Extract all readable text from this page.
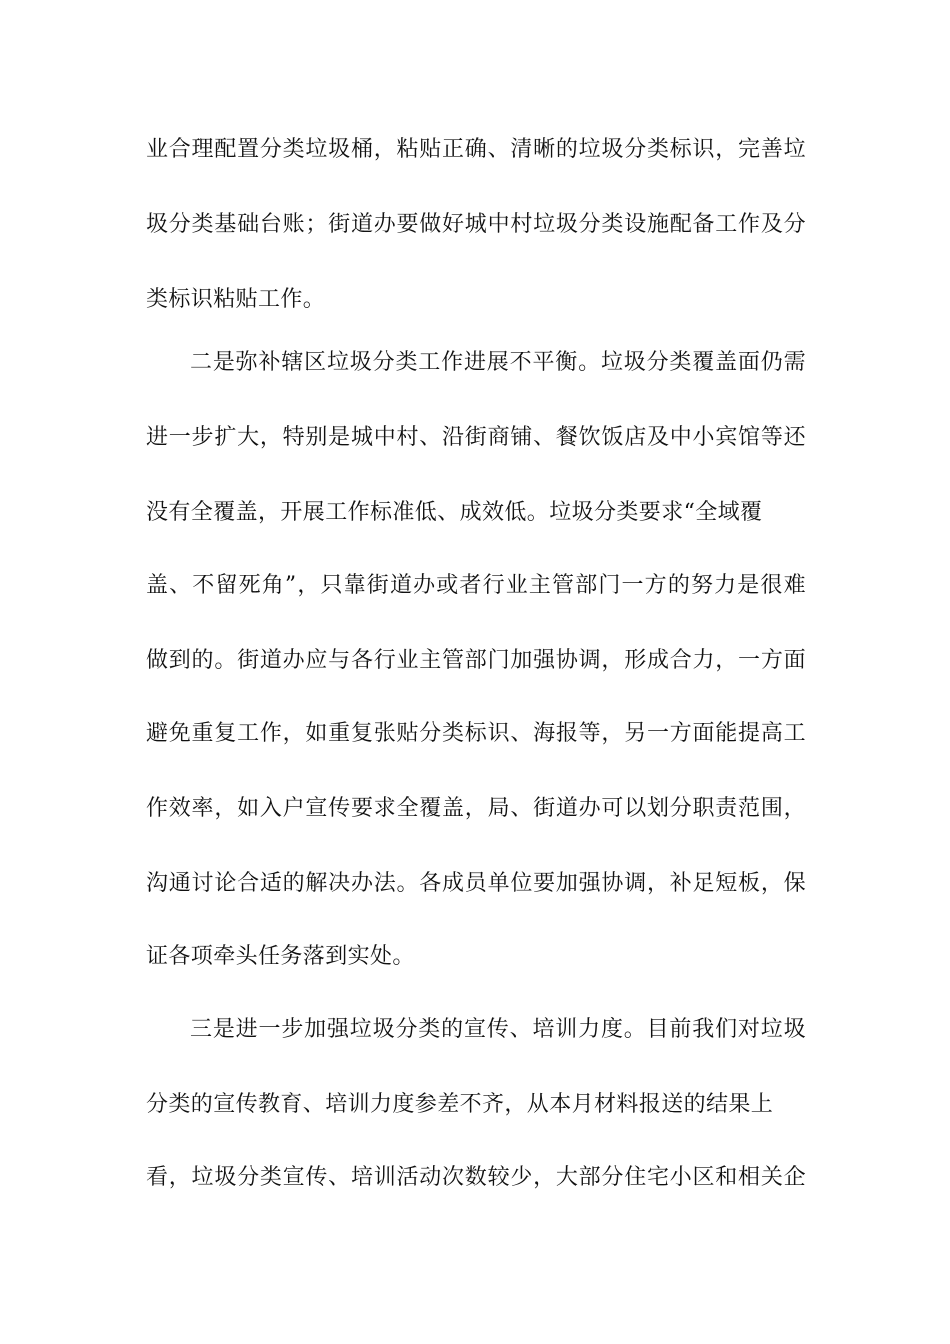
业合理配置分类垃圾桶，粘贴正确、清晰的垃圾分类标识，完善垃
圾分类基础台账；街道办要做好城中村垃圾分类设施配备工作及分
类标识粘贴工作。
二是弥补辖区垃圾分类工作进展不平衡。垃圾分类覆盖面仍需
进一步扩大，特别是城中村、沿街商铺、餐饮饭店及中小宾馆等还
没有全覆盖，开展工作标准低、成效低。垃圾分类要求“全域覆
盖、不留死角”，只靠街道办或者行业主管部门一方的努力是很难
做到的。街道办应与各行业主管部门加强协调，形成合力，一方面
避免重复工作，如重复张贴分类标识、海报等，另一方面能提高工
作效率，如入户宣传要求全覆盖，局、街道办可以划分职责范围，
沟通讨论合适的解决办法。各成员单位要加强协调，补足短板，保
证各项牵头任务落到实处。
三是进一步加强垃圾分类的宣传、培训力度。目前我们对垃圾
分类的宣传教育、培训力度参差不齐，从本月材料报送的结果上
看，垃圾分类宣传、培训活动次数较少，大部分住宅小区和相关企
